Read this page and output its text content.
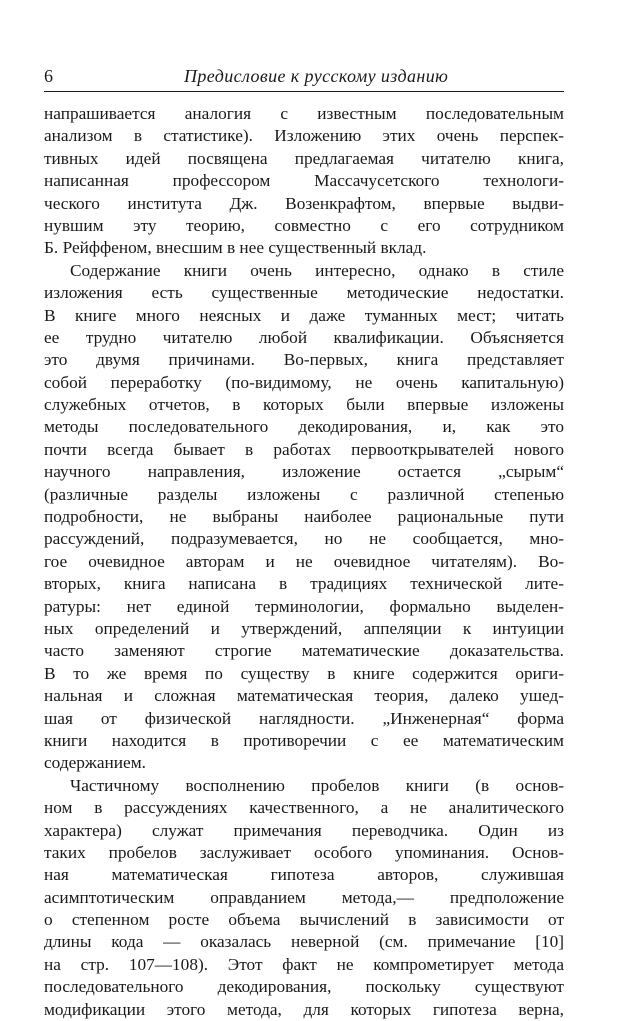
6	Предисловие к русскому изданию
напрашивается аналогия с известным последовательным
анализом в статистике). Изложению этих очень перспек-
тивных идей посвящена предлагаемая читателю книга,
написанная профессором Массачусетского технологи-
ческого института Дж. Возенкрафтом, впервые выдви-
нувшим эту теорию, совместно с его сотрудником
Б. Рейффеном, внесшим в нее существенный вклад.
Содержание книги очень интересно, однако в стиле
изложения есть существенные методические недостатки.
В книге много неясных и даже туманных мест; читать
ее трудно читателю любой квалификации. Объясняется
это двумя причинами. Во-первых, книга представляет
собой переработку (по-видимому, не очень капитальную)
служебных отчетов, в которых были впервые изложены
методы последовательного декодирования, и, как это
почти всегда бывает в работах первооткрывателей нового
научного направления, изложение остается „сырым“
(различные разделы изложены с различной степенью
подробности, не выбраны наиболее рациональные пути
рассуждений, подразумевается, но не сообщается, мно-
гое очевидное авторам и не очевидное читателям). Во-
вторых, книга написана в традициях технической лите-
ратуры: нет единой терминологии, формально выделен-
ных определений и утверждений, аппеляции к интуиции
часто заменяют строгие математические доказательства.
В то же время по существу в книге содержится ориги-
нальная и сложная математическая теория, далеко ушед-
шая от физической наглядности. „Инженерная“ форма
книги находится в противоречии с ее математическим
содержанием.
Частичному восполнению пробелов книги (в основ-
ном в рассуждениях качественного, а не аналитического
характера) служат примечания переводчика. Один из
таких пробелов заслуживает особого упоминания. Основ-
ная математическая гипотеза авторов, служившая
асимптотическим оправданием метода,— предположение
о степенном росте объема вычислений в зависимости от
длины кода — оказалась неверной (см. примечание [10]
на стр. 107—108). Этот факт не компрометирует метода
последовательного декодирования, поскольку существуют
модификации этого метода, для которых гипотеза верна,
